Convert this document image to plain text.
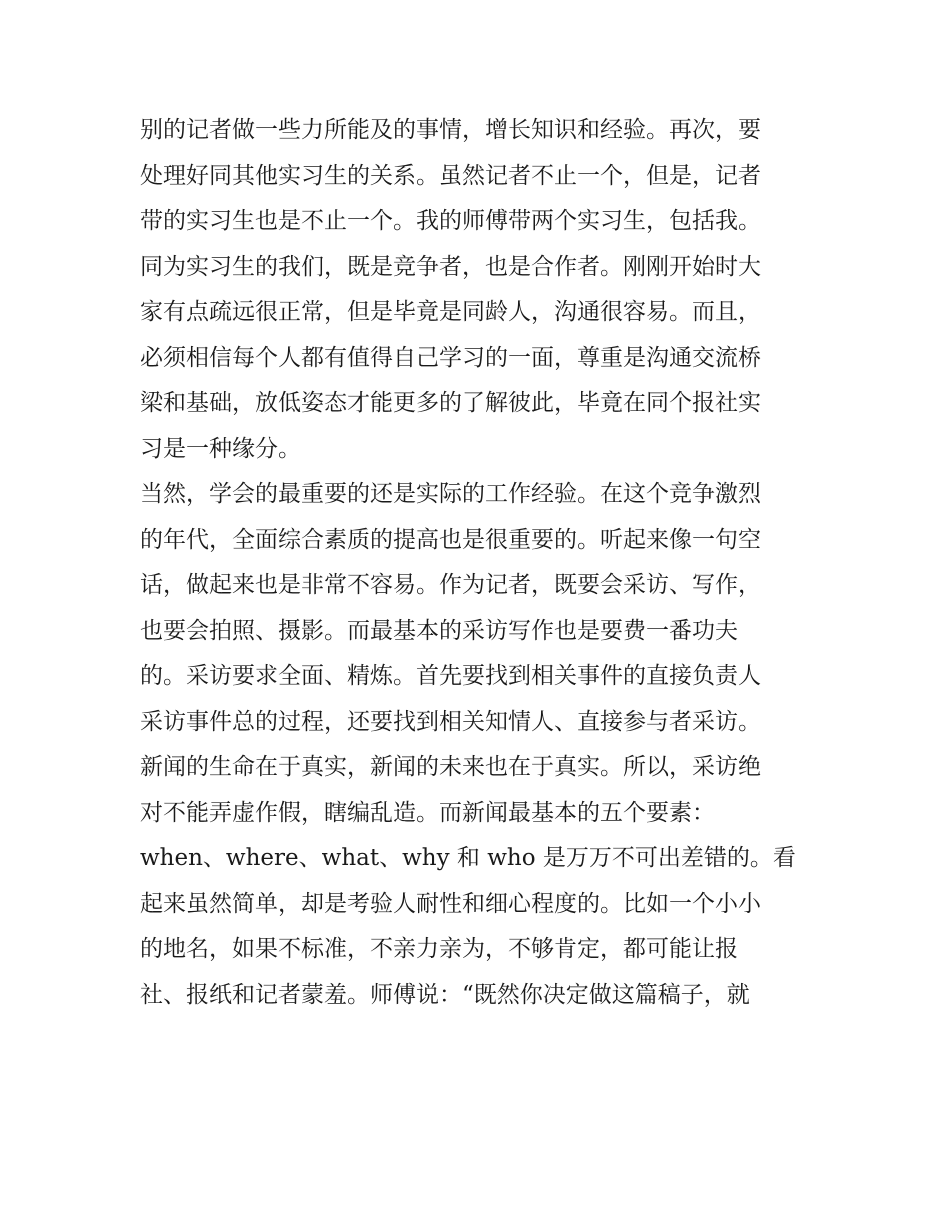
别的记者做一些力所能及的事情，增长知识和经验。再次，要
处理好同其他实习生的关系。虽然记者不止一个，但是，记者
带的实习生也是不止一个。我的师傅带两个实习生，包括我。
同为实习生的我们，既是竞争者，也是合作者。刚刚开始时大
家有点疏远很正常，但是毕竟是同龄人，沟通很容易。而且，
必须相信每个人都有值得自己学习的一面，尊重是沟通交流桥
梁和基础，放低姿态才能更多的了解彼此，毕竟在同个报社实
习是一种缘分。
当然，学会的最重要的还是实际的工作经验。在这个竞争激烈
的年代，全面综合素质的提高也是很重要的。听起来像一句空
话，做起来也是非常不容易。作为记者，既要会采访、写作，
也要会拍照、摄影。而最基本的采访写作也是要费一番功夫
的。采访要求全面、精炼。首先要找到相关事件的直接负责人
采访事件总的过程，还要找到相关知情人、直接参与者采访。
新闻的生命在于真实，新闻的未来也在于真实。所以，采访绝
对不能弄虚作假，瞎编乱造。而新闻最基本的五个要素：
when、where、what、why 和 who 是万万不可出差错的。看
起来虽然简单，却是考验人耐性和细心程度的。比如一个小小
的地名，如果不标准，不亲力亲为，不够肯定，都可能让报
社、报纸和记者蒙羞。师傅说：“既然你决定做这篇稿子，就
